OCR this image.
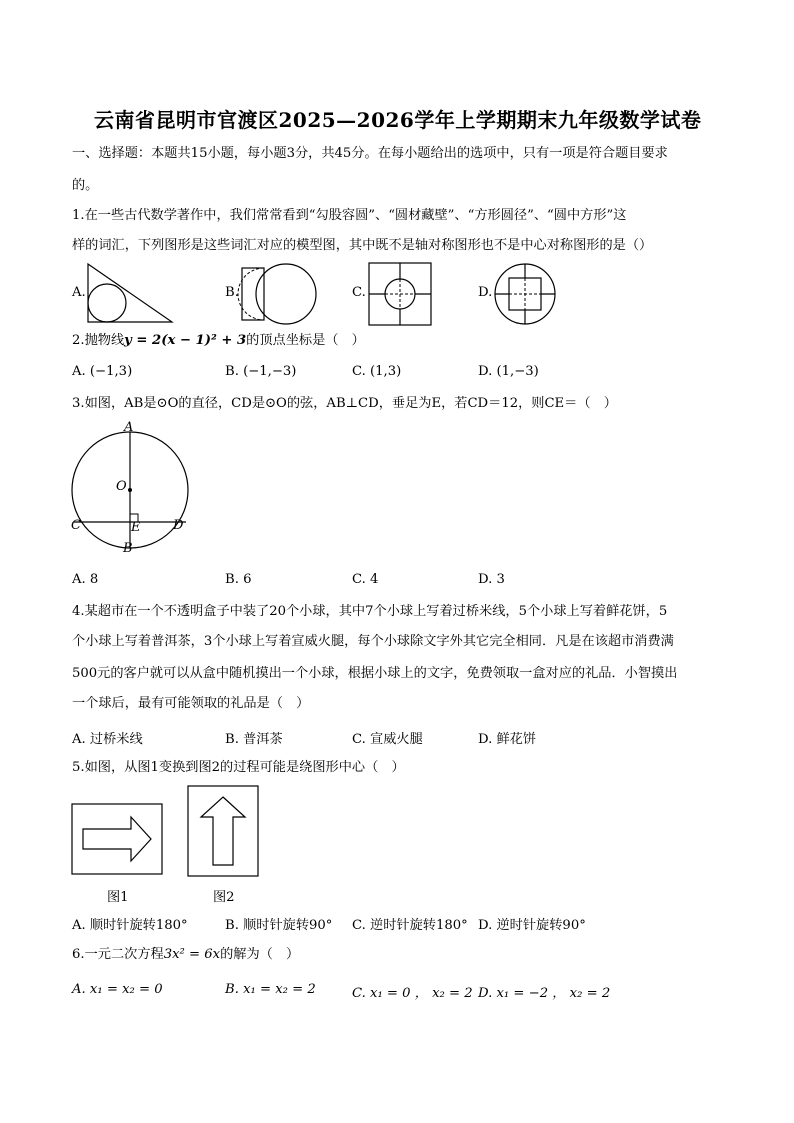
云南省昆明市官渡区2025—2026学年上学期期末九年级数学试卷
一、选择题：本题共15小题，每小题3分，共45分。在每小题给出的选项中，只有一项是符合题目要求
的。
1.在一些古代数学著作中，我们常常看到“勾股容圆”、“圆材藏壁”、“方形圆径”、“圆中方形”这
样的词汇，下列图形是这些词汇对应的模型图，其中既不是轴对称图形也不是中心对称图形的是（）
A.	B.	C.	D.
2.抛物线y = 2(x − 1)² + 3的顶点坐标是（　）
A. (−1,3)	B. (−1,−3)	C. (1,3)	D. (1,−3)
3.如图，AB是⊙O的直径，CD是⊙O的弦，AB⊥CD，垂足为E，若CD＝12，则CE＝（　）
A
O
C	E	D
B
A. 8	B. 6	C. 4	D. 3
4.某超市在一个不透明盒子中装了20个小球，其中7个小球上写着过桥米线，5个小球上写着鲜花饼，5
个小球上写着普洱茶，3个小球上写着宣威火腿，每个小球除文字外其它完全相同．凡是在该超市消费满
500元的客户就可以从盒中随机摸出一个小球，根据小球上的文字，免费领取一盒对应的礼品．小智摸出
一个球后，最有可能领取的礼品是（　）
A. 过桥米线	B. 普洱茶	C. 宣威火腿	D. 鲜花饼
5.如图，从图1变换到图2的过程可能是绕图形中心（　）
图1	图2
A. 顺时针旋转180°	B. 顺时针旋转90° C. 逆时针旋转180° D. 逆时针旋转90°
6.一元二次方程3x² = 6x的解为（　）
A. x₁ = x₂ = 0	B. x₁ = x₂ = 2	C. x₁ = 0 ， x₂ = 2 D. x₁ = −2 ， x₂ = 2
